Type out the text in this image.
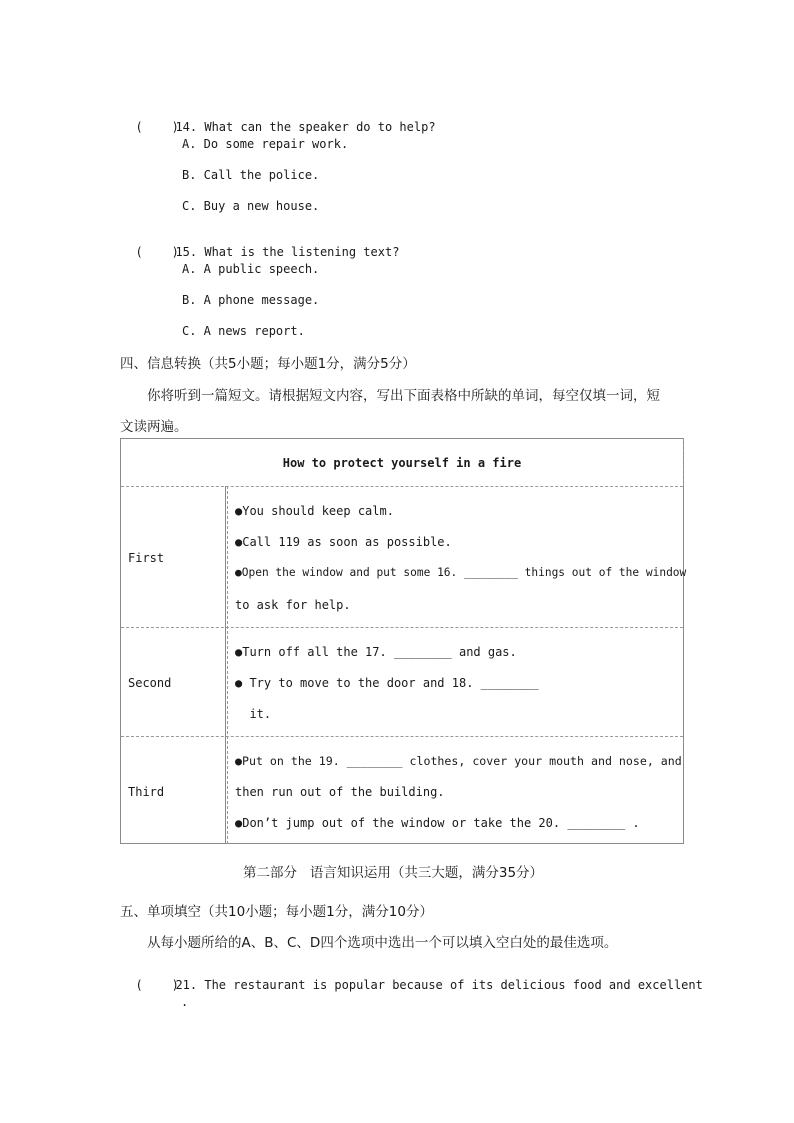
(    )14. What can the speaker do to help?

A. Do some repair work.
B. Call the police.
C. Buy a new house.

(    )15. What is the listening text?

A. A public speech.
B. A phone message.
C. A news report.
四、信息转换（共5小题；每小题1分，满分5分）
你将听到一篇短文。请根据短文内容，写出下面表格中所缺的单词，每空仅填一词，短
文读两遍。
How to protect yourself in a fire
First
●You should keep calm.
●Call 119 as soon as possible.
●Open the window and put some 16. ________ things out of the window
to ask for help.
Second
●Turn off all the 17. ________ and gas.
● Try to move to the door and 18. ________
it.
Third
●Put on the 19. ________ clothes, cover your mouth and nose, and
then run out of the building.
●Don’t jump out of the window or take the 20. ________ .
第二部分   语言知识运用（共三大题，满分35分）
五、单项填空（共10小题；每小题1分，满分10分）
从每小题所给的A、B、C、D四个选项中选出一个可以填入空白处的最佳选项。

(    )21. The restaurant is popular because of its delicious food and excellent

.
